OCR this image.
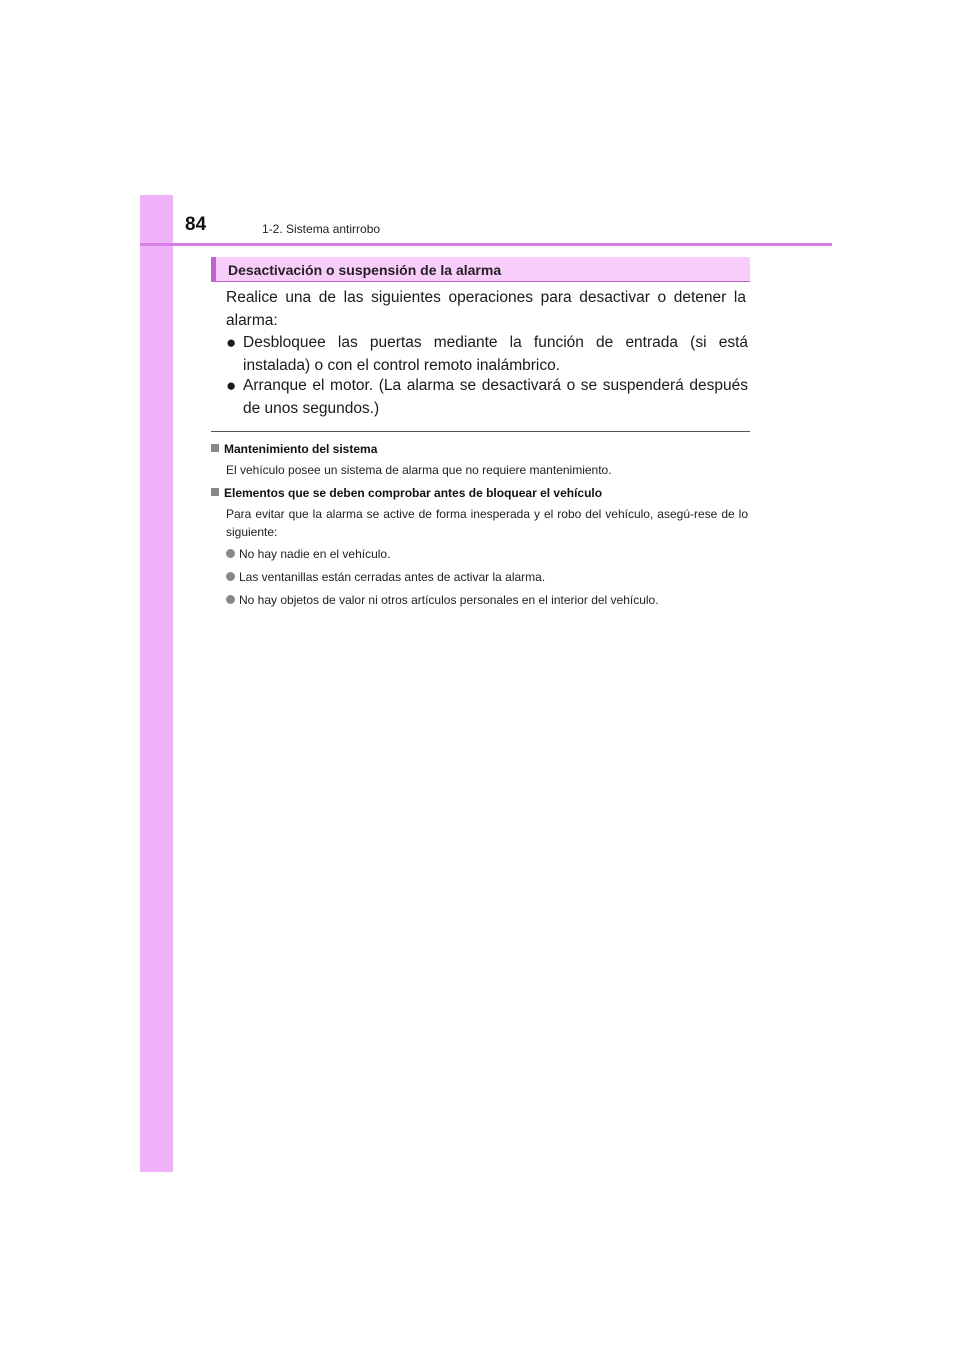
84	1-2. Sistema antirrobo
Desactivación o suspensión de la alarma
Realice una de las siguientes operaciones para desactivar o detener la alarma:
● Desbloquee las puertas mediante la función de entrada (si está instalada) o con el control remoto inalámbrico.
● Arranque el motor. (La alarma se desactivará o se suspenderá después de unos segundos.)
Mantenimiento del sistema
El vehículo posee un sistema de alarma que no requiere mantenimiento.
Elementos que se deben comprobar antes de bloquear el vehículo
Para evitar que la alarma se active de forma inesperada y el robo del vehículo, asegú-rese de lo siguiente:
No hay nadie en el vehículo.
Las ventanillas están cerradas antes de activar la alarma.
No hay objetos de valor ni otros artículos personales en el interior del vehículo.
